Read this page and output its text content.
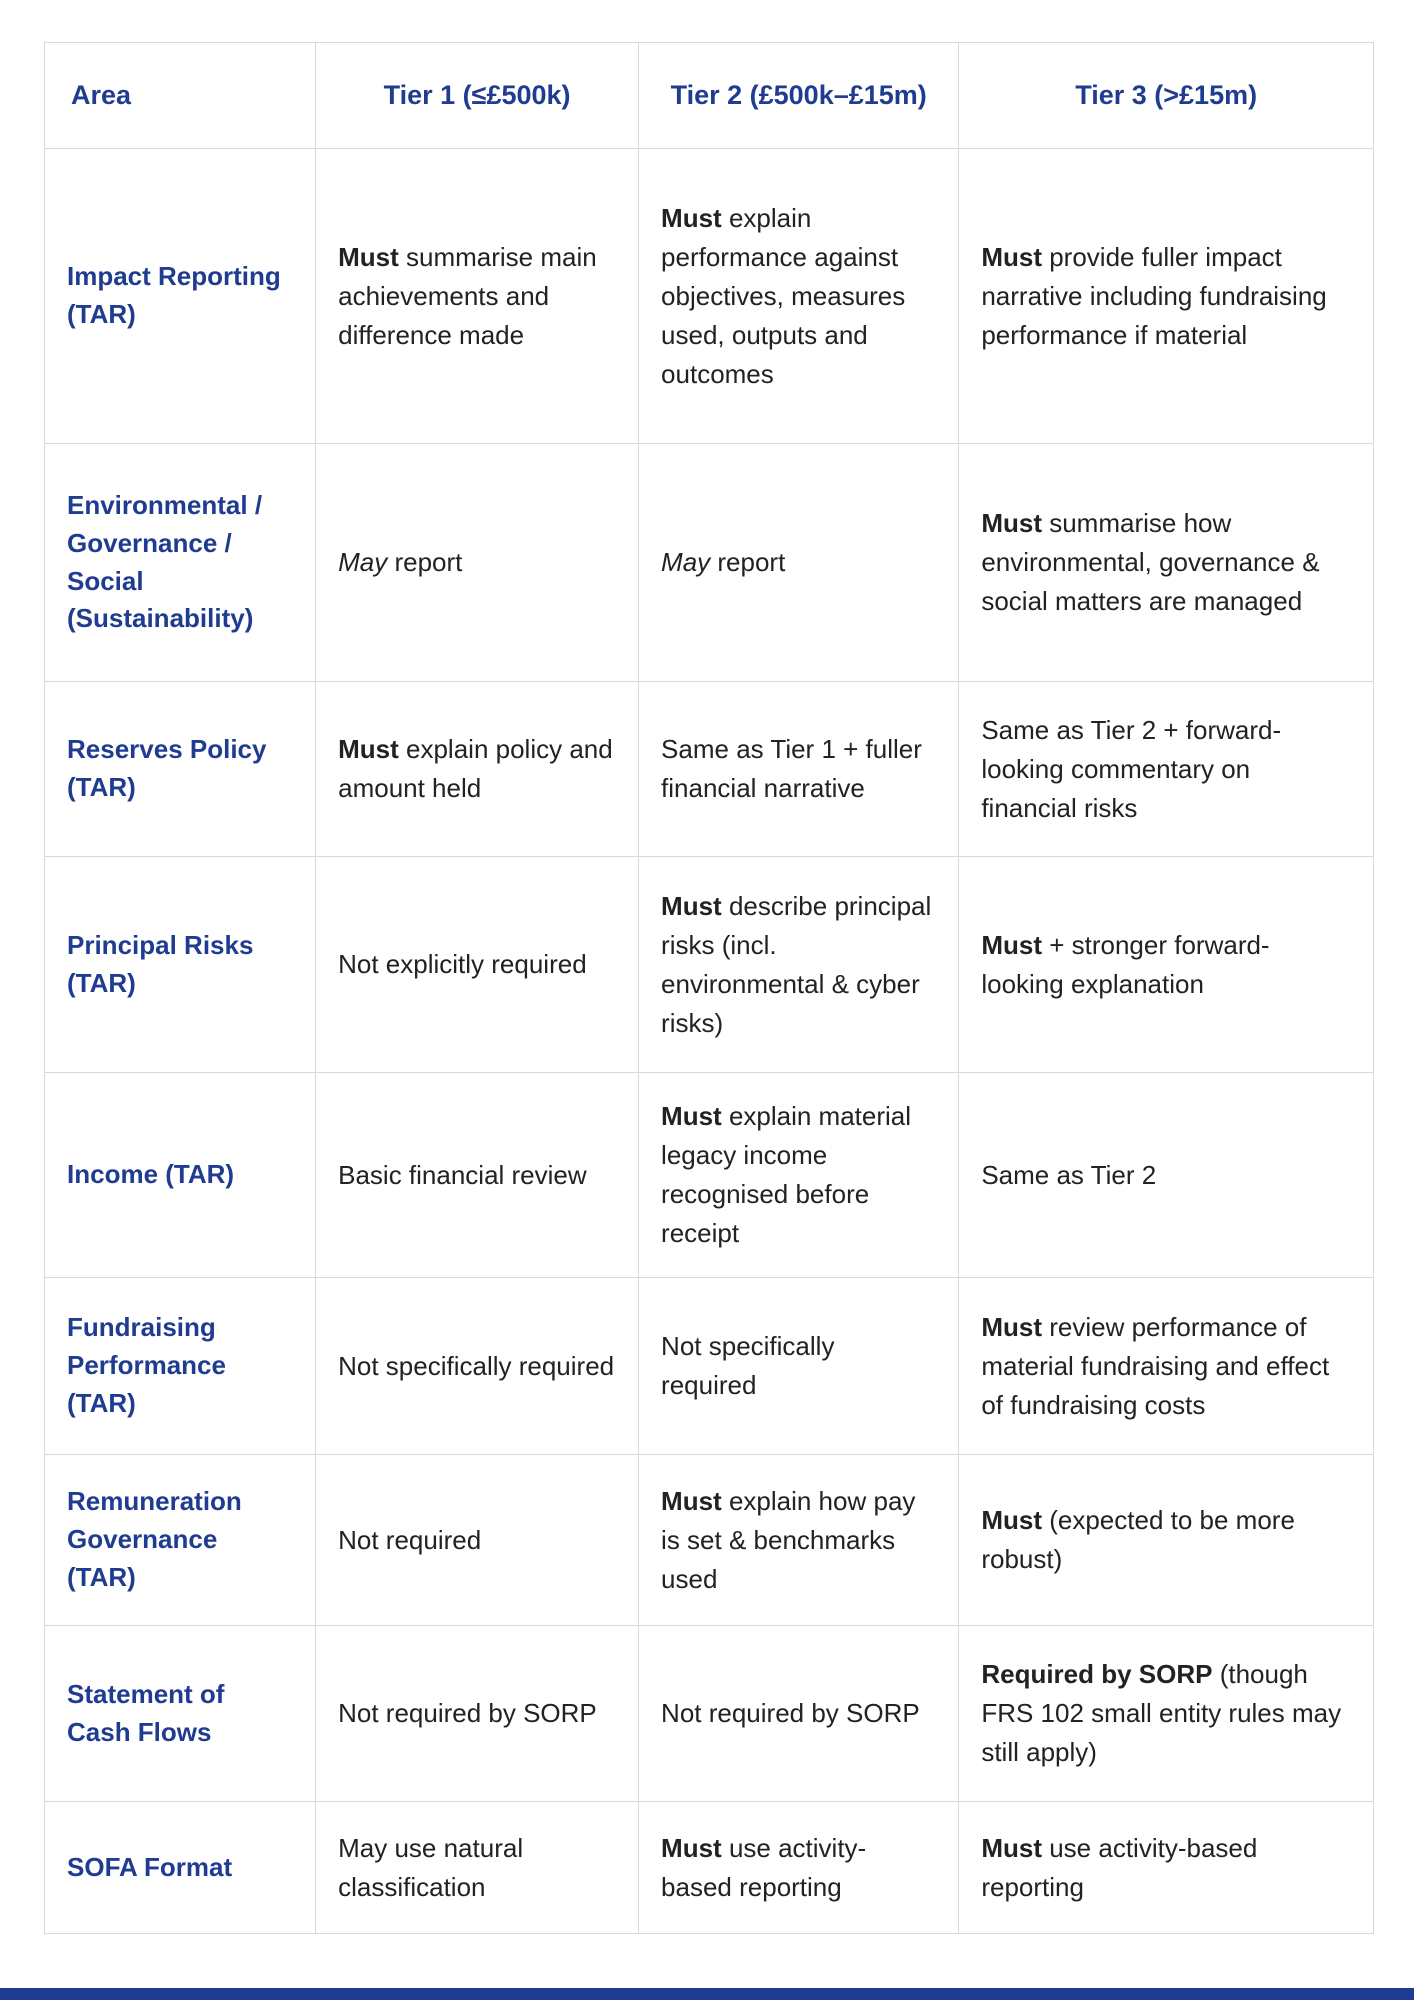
Area	Tier 1 (≤£500k)	Tier 2 (£500k–£15m)	Tier 3 (>£15m)
Impact Reporting (TAR)	Must summarise main achievements and difference made	Must explain performance against objectives, measures used, outputs and outcomes	Must provide fuller impact narrative including fundraising performance if material
Environmental / Governance / Social (Sustainability)	May report	May report	Must summarise how environmental, governance & social matters are managed
Reserves Policy (TAR)	Must explain policy and amount held	Same as Tier 1 + fuller financial narrative	Same as Tier 2 + forward-looking commentary on financial risks
Principal Risks (TAR)	Not explicitly required	Must describe principal risks (incl. environmental & cyber risks)	Must + stronger forward-looking explanation
Income (TAR)	Basic financial review	Must explain material legacy income recognised before receipt	Same as Tier 2
Fundraising Performance (TAR)	Not specifically required	Not specifically required	Must review performance of material fundraising and effect of fundraising costs
Remuneration Governance (TAR)	Not required	Must explain how pay is set & benchmarks used	Must (expected to be more robust)
Statement of Cash Flows	Not required by SORP	Not required by SORP	Required by SORP (though FRS 102 small entity rules may still apply)
SOFA Format	May use natural classification	Must use activity-based reporting	Must use activity-based reporting
